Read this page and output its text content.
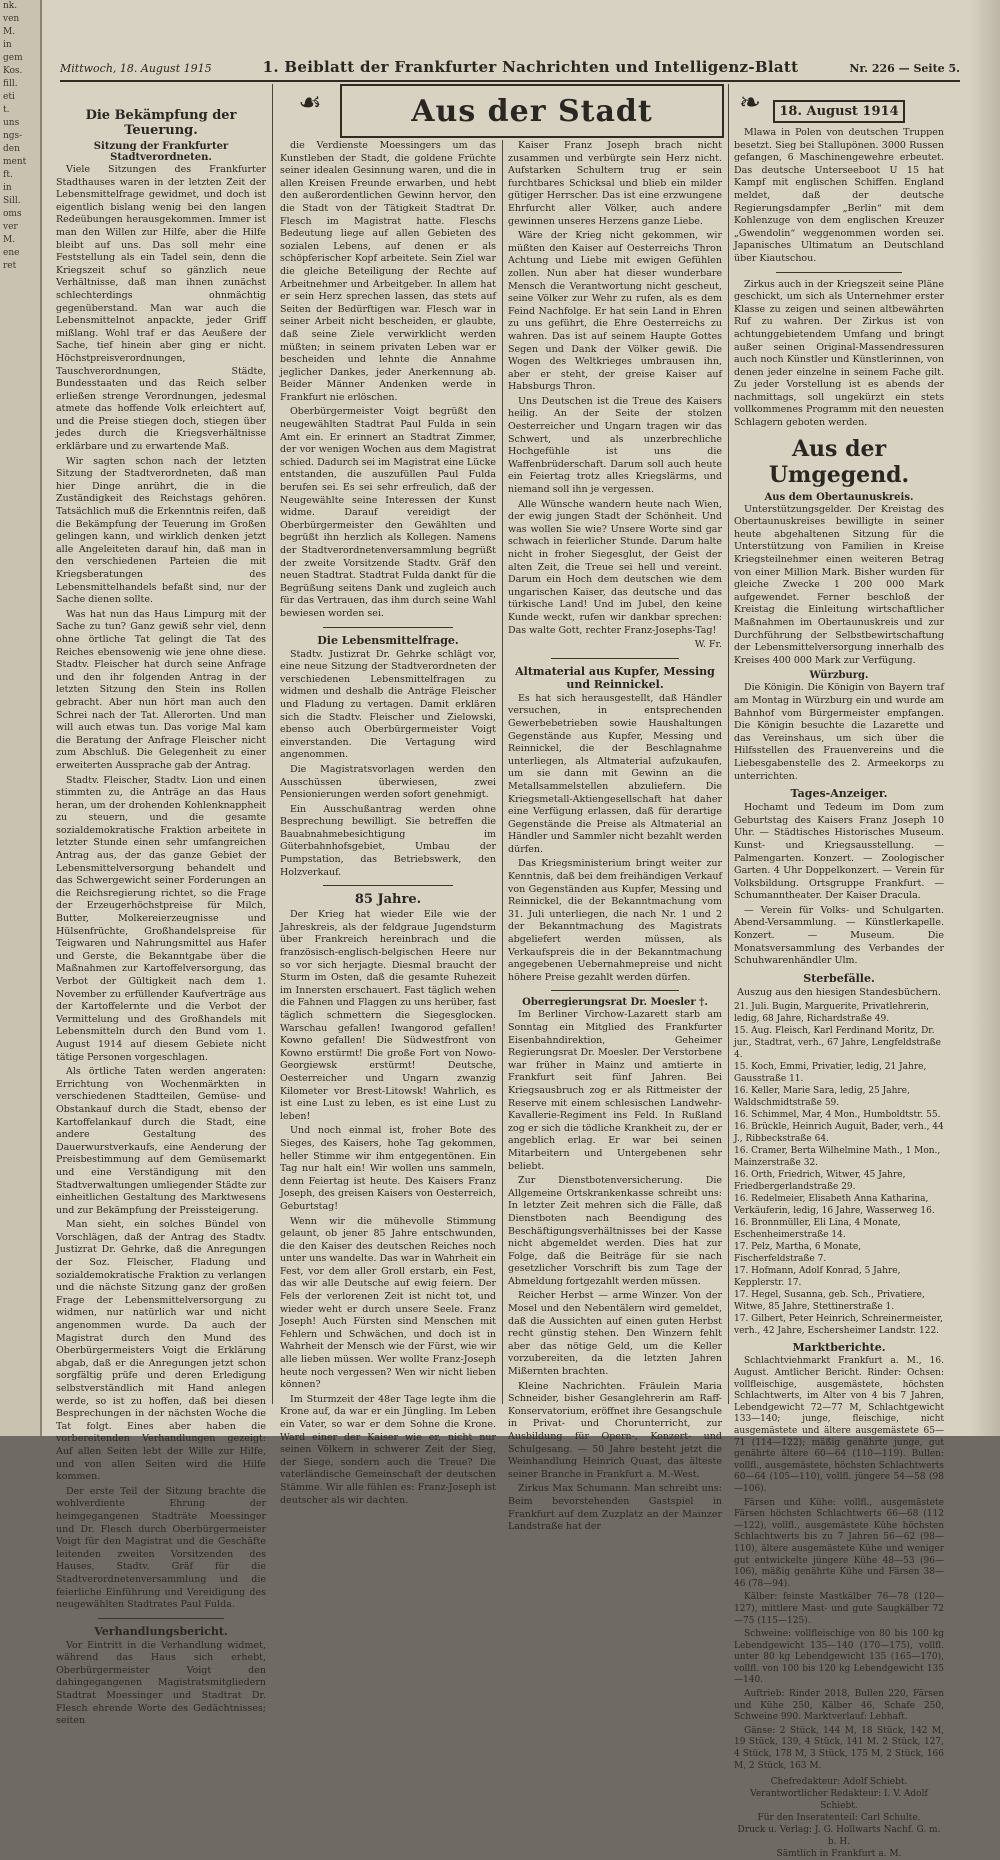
nk.
ven
M.
in
gem
Kos.
fill.
eti
t.
uns
ngs-
den
ment
ft.
in
Sill.
oms
ver
M.
ene
ret
Mittwoch, 18. August 1915	1. Beiblatt der Frankfurter Nachrichten und Intelligenz-Blatt	Nr. 226 — Seite 5.
☙	Aus der Stadt	❧
Die Bekämpfung der Teuerung.
Sitzung der Frankfurter Stadtverordneten.

Viele Sitzungen des Frankfurter Stadthauses waren in der letzten Zeit der Lebensmittelfrage gewidmet, und doch ist eigentlich bislang wenig bei den langen Redeübungen herausgekommen. Immer ist man den Willen zur Hilfe, aber die Hilfe bleibt auf uns. Das soll mehr eine Feststellung als ein Tadel sein, denn die Kriegszeit schuf so gänzlich neue Verhältnisse, daß man ihnen zunächst schlechterdings ohnmächtig gegenüberstand. Man war auch die Lebensmittelnot anpackte, jeder Griff mißlang. Wohl traf er das Aeußere der Sache, tief hinein aber ging er nicht. Höchstpreisverordnungen, Tauschverordnungen, Städte, Bundesstaaten und das Reich selber erließen strenge Verordnungen, jedesmal atmete das hoffende Volk erleichtert auf, und die Preise stiegen doch, stiegen über jedes durch die Kriegsverhältnisse erklärbare und zu erwartende Maß.

Wir sagten schon nach der letzten Sitzung der Stadtverordneten, daß man hier Dinge anrührt, die in die Zuständigkeit des Reichstags gehören. Tatsächlich muß die Erkenntnis reifen, daß die Bekämpfung der Teuerung im Großen gelingen kann, und wirklich denken jetzt alle Angeleiteten darauf hin, daß man in den verschiedenen Parteien die mit Kriegsberatungen des Lebensmittelhandels befaßt sind, nur der Sache dienen sollte.

Was hat nun das Haus Limpurg mit der Sache zu tun? Ganz gewiß sehr viel, denn ohne örtliche Tat gelingt die Tat des Reiches ebensowenig wie jene ohne diese. Stadtv. Fleischer hat durch seine Anfrage und den ihr folgenden Antrag in der letzten Sitzung den Stein ins Rollen gebracht. Aber nun hört man auch den Schrei nach der Tat. Allerorten. Und man will auch etwas tun. Das vorige Mal kam die Beratung der Anfrage Fleischer nicht zum Abschluß. Die Gelegenheit zu einer erweiterten Aussprache gab der Antrag.

Stadtv. Fleischer, Stadtv. Lion und einen stimmten zu, die Anträge an das Haus heran, um der drohenden Kohlenknappheit zu steuern, und die gesamte sozialdemokratische Fraktion arbeitete in letzter Stunde einen sehr umfangreichen Antrag aus, der das ganze Gebiet der Lebensmittelversorgung behandelt und das Schwergewicht seiner Forderungen an die Reichsregierung richtet, so die Frage der Erzeugerhöchstpreise für Milch, Butter, Molkereierzeugnisse und Hülsenfrüchte, Großhandelspreise für Teigwaren und Nahrungsmittel aus Hafer und Gerste, die Bekanntgabe über die Maßnahmen zur Kartoffelversorgung, das Verbot der Gültigkeit nach dem 1. November zu erfüllender Kaufverträge aus der Kartoffelernte und die Verbot der Vermittelung und des Großhandels mit Lebensmitteln durch den Bund vom 1. August 1914 auf diesem Gebiete nicht tätige Personen vorgeschlagen.

Als örtliche Taten werden angeraten: Errichtung von Wochenmärkten in verschiedenen Stadtteilen, Gemüse- und Obstankauf durch die Stadt, ebenso der Kartoffelankauf durch die Stadt, eine andere Gestaltung des Dauerwurstverkaufs, eine Aenderung der Preisbestimmung auf dem Gemüsemarkt und eine Verständigung mit den Stadtverwaltungen umliegender Städte zur einheitlichen Gestaltung des Marktwesens und zur Bekämpfung der Preissteigerung.

Man sieht, ein solches Bündel von Vorschlägen, daß der Antrag des Stadtv. Justizrat Dr. Gehrke, daß die Anregungen der Soz. Fleischer, Fladung und sozialdemokratische Fraktion zu verlangen und die nächste Sitzung ganz der großen Frage der Lebensmittelversorgung zu widmen, nur natürlich war und nicht angenommen wurde. Da auch der Magistrat durch den Mund des Oberbürgermeisters Voigt die Erklärung abgab, daß er die Anregungen jetzt schon sorgfältig prüfe und deren Erledigung selbstverständlich mit Hand anlegen werde, so ist zu hoffen, daß bei diesen Besprechungen in der nächsten Woche die Tat folgt. Eines aber haben die vorbereitenden Verhandlungen gezeigt: Auf allen Seiten lebt der Wille zur Hilfe, und von allen Seiten wird die Hilfe kommen.

Der erste Teil der Sitzung brachte die wohlverdiente Ehrung der heimgegangenen Stadträte Moessinger und Dr. Flesch durch Oberbürgermeister Voigt für den Magistrat und die Geschäfte leitenden zweiten Vorsitzenden des Hauses, Stadtv. Gräf für die Stadtverordnetenversammlung und die feierliche Einführung und Vereidigung des neugewählten Stadtrates Paul Fulda.

Verhandlungsbericht.

Vor Eintritt in die Verhandlung widmet, während das Haus sich erhebt, Oberbürgermeister Voigt den dahingegangenen Magistratsmitgliedern Stadtrat Moessinger und Stadtrat Dr. Flesch ehrende Worte des Gedächtnisses; seiten

die Verdienste Moessingers um das Kunstleben der Stadt, die goldene Früchte seiner idealen Gesinnung waren, und die in allen Kreisen Freunde erwarben, und hebt den außerordentlichen Gewinn hervor, den die Stadt von der Tätigkeit Stadtrat Dr. Flesch im Magistrat hatte. Fleschs Bedeutung liege auf allen Gebieten des sozialen Lebens, auf denen er als schöpferischer Kopf arbeitete. Sein Ziel war die gleiche Beteiligung der Rechte auf Arbeitnehmer und Arbeitgeber. In allem hat er sein Herz sprechen lassen, das stets auf Seiten der Bedürftigen war. Flesch war in seiner Arbeit nicht bescheiden, er glaubte, daß seine Ziele verwirklicht werden müßten; in seinem privaten Leben war er bescheiden und lehnte die Annahme jeglicher Dankes, jeder Anerkennung ab. Beider Männer Andenken werde in Frankfurt nie erlöschen.

Oberbürgermeister Voigt begrüßt den neugewählten Stadtrat Paul Fulda in sein Amt ein. Er erinnert an Stadtrat Zimmer, der vor wenigen Wochen aus dem Magistrat schied. Dadurch sei im Magistrat eine Lücke entstanden, die auszufüllen Paul Fulda berufen sei. Es sei sehr erfreulich, daß der Neugewählte seine Interessen der Kunst widme. Darauf vereidigt der Oberbürgermeister den Gewählten und begrüßt ihn herzlich als Kollegen. Namens der Stadtverordnetenversammlung begrüßt der zweite Vorsitzende Stadtv. Gräf den neuen Stadtrat. Stadtrat Fulda dankt für die Begrüßung seitens Dank und zugleich auch für das Vertrauen, das ihm durch seine Wahl bewiesen worden sei.

Die Lebensmittelfrage.

Stadtv. Justizrat Dr. Gehrke schlägt vor, eine neue Sitzung der Stadtverordneten der verschiedenen Lebensmittelfragen zu widmen und deshalb die Anträge Fleischer und Fladung zu vertagen. Damit erklären sich die Stadtv. Fleischer und Zielowski, ebenso auch Oberbürgermeister Voigt einverstanden. Die Vertagung wird angenommen.

Die Magistratsvorlagen werden den Ausschüssen überwiesen, zwei Pensionierungen werden sofort genehmigt.

Ein Ausschußantrag werden ohne Besprechung bewilligt. Sie betreffen die Bauabnahmebesichtigung im Güterbahnhofsgebiet, Umbau der Pumpstation, das Betriebswerk, den Holzverkauf.

85 Jahre.

Der Krieg hat wieder Eile wie der Jahreskreis, als der feldgraue Jugendsturm über Frankreich hereinbrach und die französisch-englisch-belgischen Heere nur so vor sich herjagte. Diesmal braucht der Sturm im Osten, daß die gesamte Ruhezeit im Innersten erschauert. Fast täglich wehen die Fahnen und Flaggen zu uns herüber, fast täglich schmettern die Siegesglocken. Warschau gefallen! Iwangorod gefallen! Kowno gefallen! Die Südwestfront von Kowno erstürmt! Die große Fort von Nowo-Georgiewsk erstürmt! Deutsche, Oesterreicher und Ungarn zwanzig Kilometer vor Brest-Litowsk! Wahrlich, es ist eine Lust zu leben, es ist eine Lust zu leben!

Und noch einmal ist, froher Bote des Sieges, des Kaisers, hohe Tag gekommen, heller Stimme wir ihm entgegentönen. Ein Tag nur halt ein! Wir wollen uns sammeln, denn Feiertag ist heute. Des Kaisers Franz Joseph, des greisen Kaisers von Oesterreich, Geburtstag!

Wenn wir die mühevolle Stimmung gelaunt, ob jener 85 Jahre entschwunden, die den Kaiser des deutschen Reiches noch unter uns wandelte. Das war in Wahrheit ein Fest, vor dem aller Groll erstarb, ein Fest, das wir alle Deutsche auf ewig feiern. Der Fels der verlorenen Zeit ist nicht tot, und wieder weht er durch unsere Seele. Franz Joseph! Auch Fürsten sind Menschen mit Fehlern und Schwächen, und doch ist in Wahrheit der Mensch wie der Fürst, wie wir alle lieben müssen. Wer wollte Franz-Joseph heute noch vergessen? Wen wir nicht lieben können?

Im Sturmzeit der 48er Tage legte ihm die Krone auf, da war er ein Jüngling. Im Leben ein Vater, so war er dem Sohne die Krone. Ward einer der Kaiser wie er, nicht nur seinen Völkern in schwerer Zeit der Sieg, der Siege, sondern auch die Treue? Die vaterländische Gemeinschaft der deutschen Stämme. Wir alle fühlen es: Franz-Joseph ist deutscher als wir dachten.

Kaiser Franz Joseph brach nicht zusammen und verbürgte sein Herz nicht. Aufstarken Schultern trug er sein furchtbares Schicksal und blieb ein milder gütiger Herrscher. Das ist eine erzwungene Ehrfurcht aller Völker, auch andere gewinnen unseres Herzens ganze Liebe.

Wäre der Krieg nicht gekommen, wir müßten den Kaiser auf Oesterreichs Thron Achtung und Liebe mit ewigen Gefühlen zollen. Nun aber hat dieser wunderbare Mensch die Verantwortung nicht gescheut, seine Völker zur Wehr zu rufen, als es dem Feind Nachfolge. Er hat sein Land in Ehren zu uns geführt, die Ehre Oesterreichs zu wahren. Das ist auf seinem Haupte Gottes Segen und Dank der Völker gewiß. Die Wogen des Weltkrieges umbrausen ihn, aber er steht, der greise Kaiser auf Habsburgs Thron.

Uns Deutschen ist die Treue des Kaisers heilig. An der Seite der stolzen Oesterreicher und Ungarn tragen wir das Schwert, und als unzerbrechliche Hochgefühle ist uns die Waffenbrüderschaft. Darum soll auch heute ein Feiertag trotz alles Kriegslärms, und niemand soll ihn je vergessen.

Alle Wünsche wandern heute nach Wien, der ewig jungen Stadt der Schönheit. Und was wollen Sie wie? Unsere Worte sind gar schwach in feierlicher Stunde. Darum halte nicht in froher Siegesglut, der Geist der alten Zeit, die Treue sei hell und vereint. Darum ein Hoch dem deutschen wie dem ungarischen Kaiser, das deutsche und das türkische Land! Und im Jubel, den keine Kunde weckt, rufen wir dankbar sprechen: Das walte Gott, rechter Franz-Josephs-Tag!

W. Fr.

Altmaterial aus Kupfer, Messing und Reinnickel.

Es hat sich herausgestellt, daß Händler versuchen, in entsprechenden Gewerbebetrieben sowie Haushaltungen Gegenstände aus Kupfer, Messing und Reinnickel, die der Beschlagnahme unterliegen, als Altmaterial aufzukaufen, um sie dann mit Gewinn an die Metallsammelstellen abzuliefern. Die Kriegsmetall-Aktiengesellschaft hat daher eine Verfügung erlassen, daß für derartige Gegenstände die Preise als Altmaterial an Händler und Sammler nicht bezahlt werden dürfen.

Das Kriegsministerium bringt weiter zur Kenntnis, daß bei dem freihändigen Verkauf von Gegenständen aus Kupfer, Messing und Reinnickel, die der Bekanntmachung vom 31. Juli unterliegen, die nach Nr. 1 und 2 der Bekanntmachung des Magistrats abgeliefert werden müssen, als Verkaufspreis die in der Bekanntmachung angegebenen Uebernahmepreise und nicht höhere Preise gezahlt werden dürfen.

Oberregierungsrat Dr. Moesler †.

Im Berliner Virchow-Lazarett starb am Sonntag ein Mitglied des Frankfurter Eisenbahndirektion, Geheimer Regierungsrat Dr. Moesler. Der Verstorbene war früher in Mainz und amtierte in Frankfurt seit fünf Jahren. Bei Kriegsausbruch zog er als Rittmeister der Reserve mit einem schlesischen Landwehr-Kavallerie-Regiment ins Feld. In Rußland zog er sich die tödliche Krankheit zu, der er angeblich erlag. Er war bei seinen Mitarbeitern und Untergebenen sehr beliebt.

Zur Dienstbotenversicherung. Die Allgemeine Ortskrankenkasse schreibt uns: In letzter Zeit mehren sich die Fälle, daß Dienstboten nach Beendigung des Beschäftigungsverhältnisses bei der Kasse nicht abgemeldet werden. Dies hat zur Folge, daß die Beiträge für sie nach gesetzlicher Vorschrift bis zum Tage der Abmeldung fortgezahlt werden müssen.

Reicher Herbst — arme Winzer. Von der Mosel und den Nebentälern wird gemeldet, daß die Aussichten auf einen guten Herbst recht günstig stehen. Den Winzern fehlt aber das nötige Geld, um die Keller vorzubereiten, da die letzten Jahren Mißernten brachten.

Kleine Nachrichten. Fräulein Maria Schneider, bisher Gesanglehrerin am Raff-Konservatorium, eröffnet ihre Gesangschule in Privat- und Chorunterricht, zur Ausbildung für Opern-, Konzert- und Schulgesang. — 50 Jahre besteht jetzt die Weinhandlung Heinrich Quast, das älteste seiner Branche in Frankfurt a. M.-West.

Zirkus Max Schumann. Man schreibt uns: Beim bevorstehenden Gastspiel in Frankfurt auf dem Zuzplatz an der Mainzer Landstraße hat der

18. August 1914

Mlawa in Polen von deutschen Truppen besetzt. Sieg bei Stallupönen. 3000 Russen gefangen, 6 Maschinengewehre erbeutet. Das deutsche Unterseeboot U 15 hat Kampf mit englischen Schiffen. England meldet, daß der deutsche Regierungsdampfer „Berlin“ mit dem Kohlenzuge von dem englischen Kreuzer „Gwendolin“ weggenommen worden sei. Japanisches Ultimatum an Deutschland über Kiautschou.

Zirkus auch in der Kriegszeit seine Pläne geschickt, um sich als Unternehmer erster Klasse zu zeigen und seinen altbewährten Ruf zu wahren. Der Zirkus ist von achtunggebietendem Umfang und bringt außer seinen Original-Massendressuren auch noch Künstler und Künstlerinnen, von denen jeder einzelne in seinem Fache gilt. Zu jeder Vorstellung ist es abends der nachmittags, soll ungekürzt ein stets vollkommenes Programm mit den neuesten Schlagern geboten werden.

Aus der Umgegend.
Aus dem Obertaunuskreis.

Unterstützungsgelder. Der Kreistag des Obertaunuskreises bewilligte in seiner heute abgehaltenen Sitzung für die Unterstützung von Familien in Kreise Kriegsteilnehmer einen weiteren Betrag von einer Million Mark. Bisher wurden für gleiche Zwecke 1 200 000 Mark aufgewendet. Ferner beschloß der Kreistag die Einleitung wirtschaftlicher Maßnahmen im Obertaunuskreis und zur Durchführung der Selbstbewirtschaftung der Lebensmittelversorgung innerhalb des Kreises 400 000 Mark zur Verfügung.

Würzburg.

Die Königin. Die Königin von Bayern traf am Montag in Würzburg ein und wurde am Bahnhof vom Bürgermeister empfangen. Die Königin besuchte die Lazarette und das Vereinshaus, um sich über die Hilfsstellen des Frauenvereins und die Liebesgabenstelle des 2. Armeekorps zu unterrichten.

Tages-Anzeiger.

Hochamt und Tedeum im Dom zum Geburtstag des Kaisers Franz Joseph 10 Uhr. — Städtisches Historisches Museum. Kunst- und Kriegsausstellung. — Palmengarten. Konzert. — Zoologischer Garten. 4 Uhr Doppelkonzert. — Verein für Volksbildung. Ortsgruppe Frankfurt. — Schumanntheater. Der Kaiser Dracula.

— Verein für Volks- und Schulgarten. Abend-Versammlung. — Künstlerkapelle. Konzert. — Museum. Die Monatsversammlung des Verbandes der Schuhwarenhändler Ulm.

Sterbefälle.

Auszug aus den hiesigen Standesbüchern.

21. Juli. Bugin, Marguerite, Privatlehrerin, ledig, 68 Jahre, Richardstraße 49.
15. Aug. Fleisch, Karl Ferdinand Moritz, Dr. jur., Stadtrat, verh., 67 Jahre, Lengfeldstraße 4.
15. Koch, Emmi, Privatier, ledig, 21 Jahre, Gausstraße 11.
16. Keller, Marie Sara, ledig, 25 Jahre, Waldschmidtstraße 59.
16. Schimmel, Mar, 4 Mon., Humboldtstr. 55.
16. Brückle, Heinrich Auguit, Bader, verh., 44 J., Ribbeckstraße 64.
16. Cramer, Berta Wilhelmine Math., 1 Mon., Mainzerstraße 32.
16. Orth, Friedrich, Witwer, 45 Jahre, Friedbergerlandstraße 29.
16. Redelmeier, Elisabeth Anna Katharina, Verkäuferin, ledig, 16 Jahre, Wasserweg 16.
16. Bronnmüller, Eli Lina, 4 Monate, Eschenheimerstraße 14.
17. Pelz, Martha, 6 Monate, Fischerfeldstraße 7.
17. Hofmann, Adolf Konrad, 5 Jahre, Kepplerstr. 17.
17. Hegel, Susanna, geb. Sch., Privatiere, Witwe, 85 Jahre, Stettinerstraße 1.
17. Gilbert, Peter Heinrich, Schreinermeister, verh., 42 Jahre, Eschersheimer Landstr. 122.
Marktberichte.

Schlachtviehmarkt Frankfurt a. M., 16. August. Amtlicher Bericht. Rinder: Ochsen: vollfleischige, ausgemästete, höchsten Schlachtwerts, im Alter von 4 bis 7 Jahren, Lebendgewicht 72—77 M, Schlachtgewicht 133—140; junge, fleischige, nicht ausgemästete und ältere ausgemästete 65—71 (114—122); mäßig genährte junge, gut genährte ältere 60—64 (110—119). Bullen: vollfl., ausgemästete, höchsten Schlachtwerts 60—64 (105—110), vollfl. jüngere 54—58 (98—106).

Färsen und Kühe: vollfl., ausgemästete Färsen höchsten Schlachtwerts 66—68 (112—122), vollfl., ausgemästete Kühe höchsten Schlachtwerts bis zu 7 Jahren 56—62 (98—110), ältere ausgemästete Kühe und weniger gut entwickelte jüngere Kühe 48—53 (96—106), mäßig genährte Kühe und Färsen 38—46 (78—94).

Kälber: feinste Mastkälber 76—78 (120—127), mittlere Mast- und gute Saugkälber 72—75 (115—125).

Schweine: vollfleischige von 80 bis 100 kg Lebendgewicht 135—140 (170—175), vollfl. unter 80 kg Lebendgewicht 135 (165—170), vollfl. von 100 bis 120 kg Lebendgewicht 135—140.

Auftrieb: Rinder 2018, Bullen 220, Färsen und Kühe 250, Kälber 46, Schafe 250, Schweine 990. Marktverlauf: Lebhaft.

Gänse: 2 Stück, 144 M, 18 Stück, 142 M, 19 Stück, 139, 4 Stück, 141 M. 2 Stück, 127, 4 Stück, 178 M, 3 Stück, 175 M, 2 Stück, 166 M, 2 Stück, 163 M.

Chefredakteur: Adolf Schiebt.
Verantwortlicher Redakteur: I. V. Adolf Schiebt.
Für den Inseratenteil: Carl Schulte.
Druck u. Verlag: J. G. Hollwarts Nachf. G. m. b. H.
Sämtlich in Frankfurt a. M.
